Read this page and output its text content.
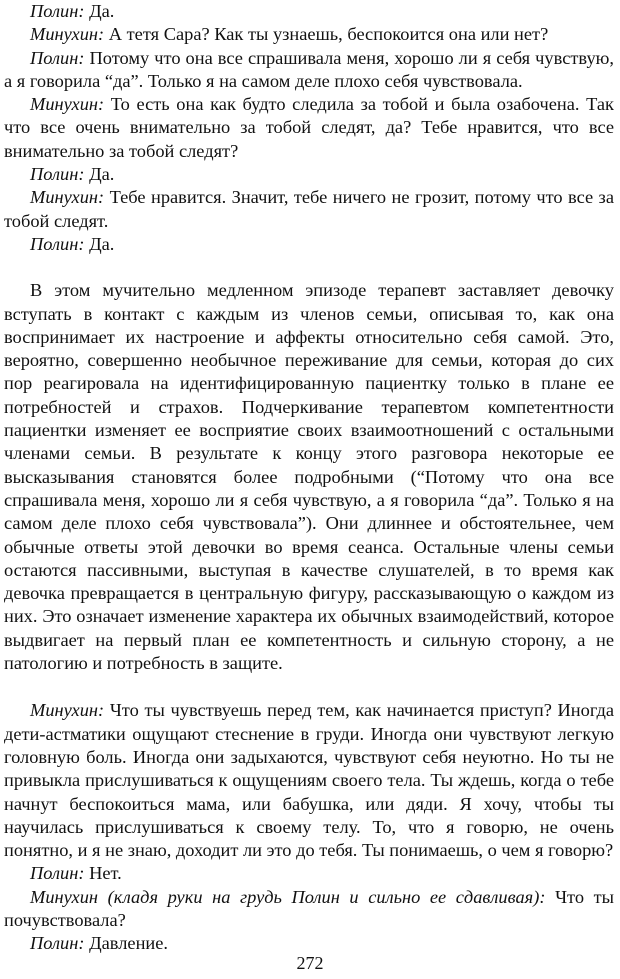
Полин: Да.

Минухин: А тетя Сара? Как ты узнаешь, беспокоится она или нет?

Полин: Потому что она все спрашивала меня, хорошо ли я себя чувствую, а я говорила “да”. Только я на самом деле плохо себя чувствовала.

Минухин: То есть она как будто следила за тобой и была озабочена. Так что все очень внимательно за тобой следят, да? Тебе нравится, что все внимательно за тобой следят?

Полин: Да.

Минухин: Тебе нравится. Значит, тебе ничего не грозит, потому что все за тобой следят.

Полин: Да.

В этом мучительно медленном эпизоде терапевт заставляет девочку вступать в контакт с каждым из членов семьи, описывая то, как она воспринимает их настроение и аффекты относительно себя самой. Это, вероятно, совершенно необычное переживание для семьи, которая до сих пор реагировала на идентифицированную пациентку только в плане ее потребностей и страхов. Подчеркивание терапевтом компетентности пациентки изменяет ее восприятие своих взаимоотношений с остальными членами семьи. В результате к концу этого разговора некоторые ее высказывания становятся более подробными (“Потому что она все спрашивала меня, хорошо ли я себя чувствую, а я говорила “да”. Только я на самом деле плохо себя чувствовала”). Они длиннее и обстоятельнее, чем обычные ответы этой девочки во время сеанса. Остальные члены семьи остаются пассивными, выступая в качестве слушателей, в то время как девочка превращается в центральную фигуру, рассказывающую о каждом из них. Это означает изменение характера их обычных взаимодействий, которое выдвигает на первый план ее компетентность и сильную сторону, а не патологию и потребность в защите.

Минухин: Что ты чувствуешь перед тем, как начинается приступ? Иногда дети-астматики ощущают стеснение в груди. Иногда они чувствуют легкую головную боль. Иногда они задыхаются, чувствуют себя неуютно. Но ты не привыкла прислушиваться к ощущениям своего тела. Ты ждешь, когда о тебе начнут беспокоиться мама, или бабушка, или дяди. Я хочу, чтобы ты научилась прислушиваться к своему телу. То, что я говорю, не очень понятно, и я не знаю, доходит ли это до тебя. Ты понимаешь, о чем я говорю?

Полин: Нет.

Минухин (кладя руки на грудь Полин и сильно ее сдавливая): Что ты почувствовала?

Полин: Давление.

272
